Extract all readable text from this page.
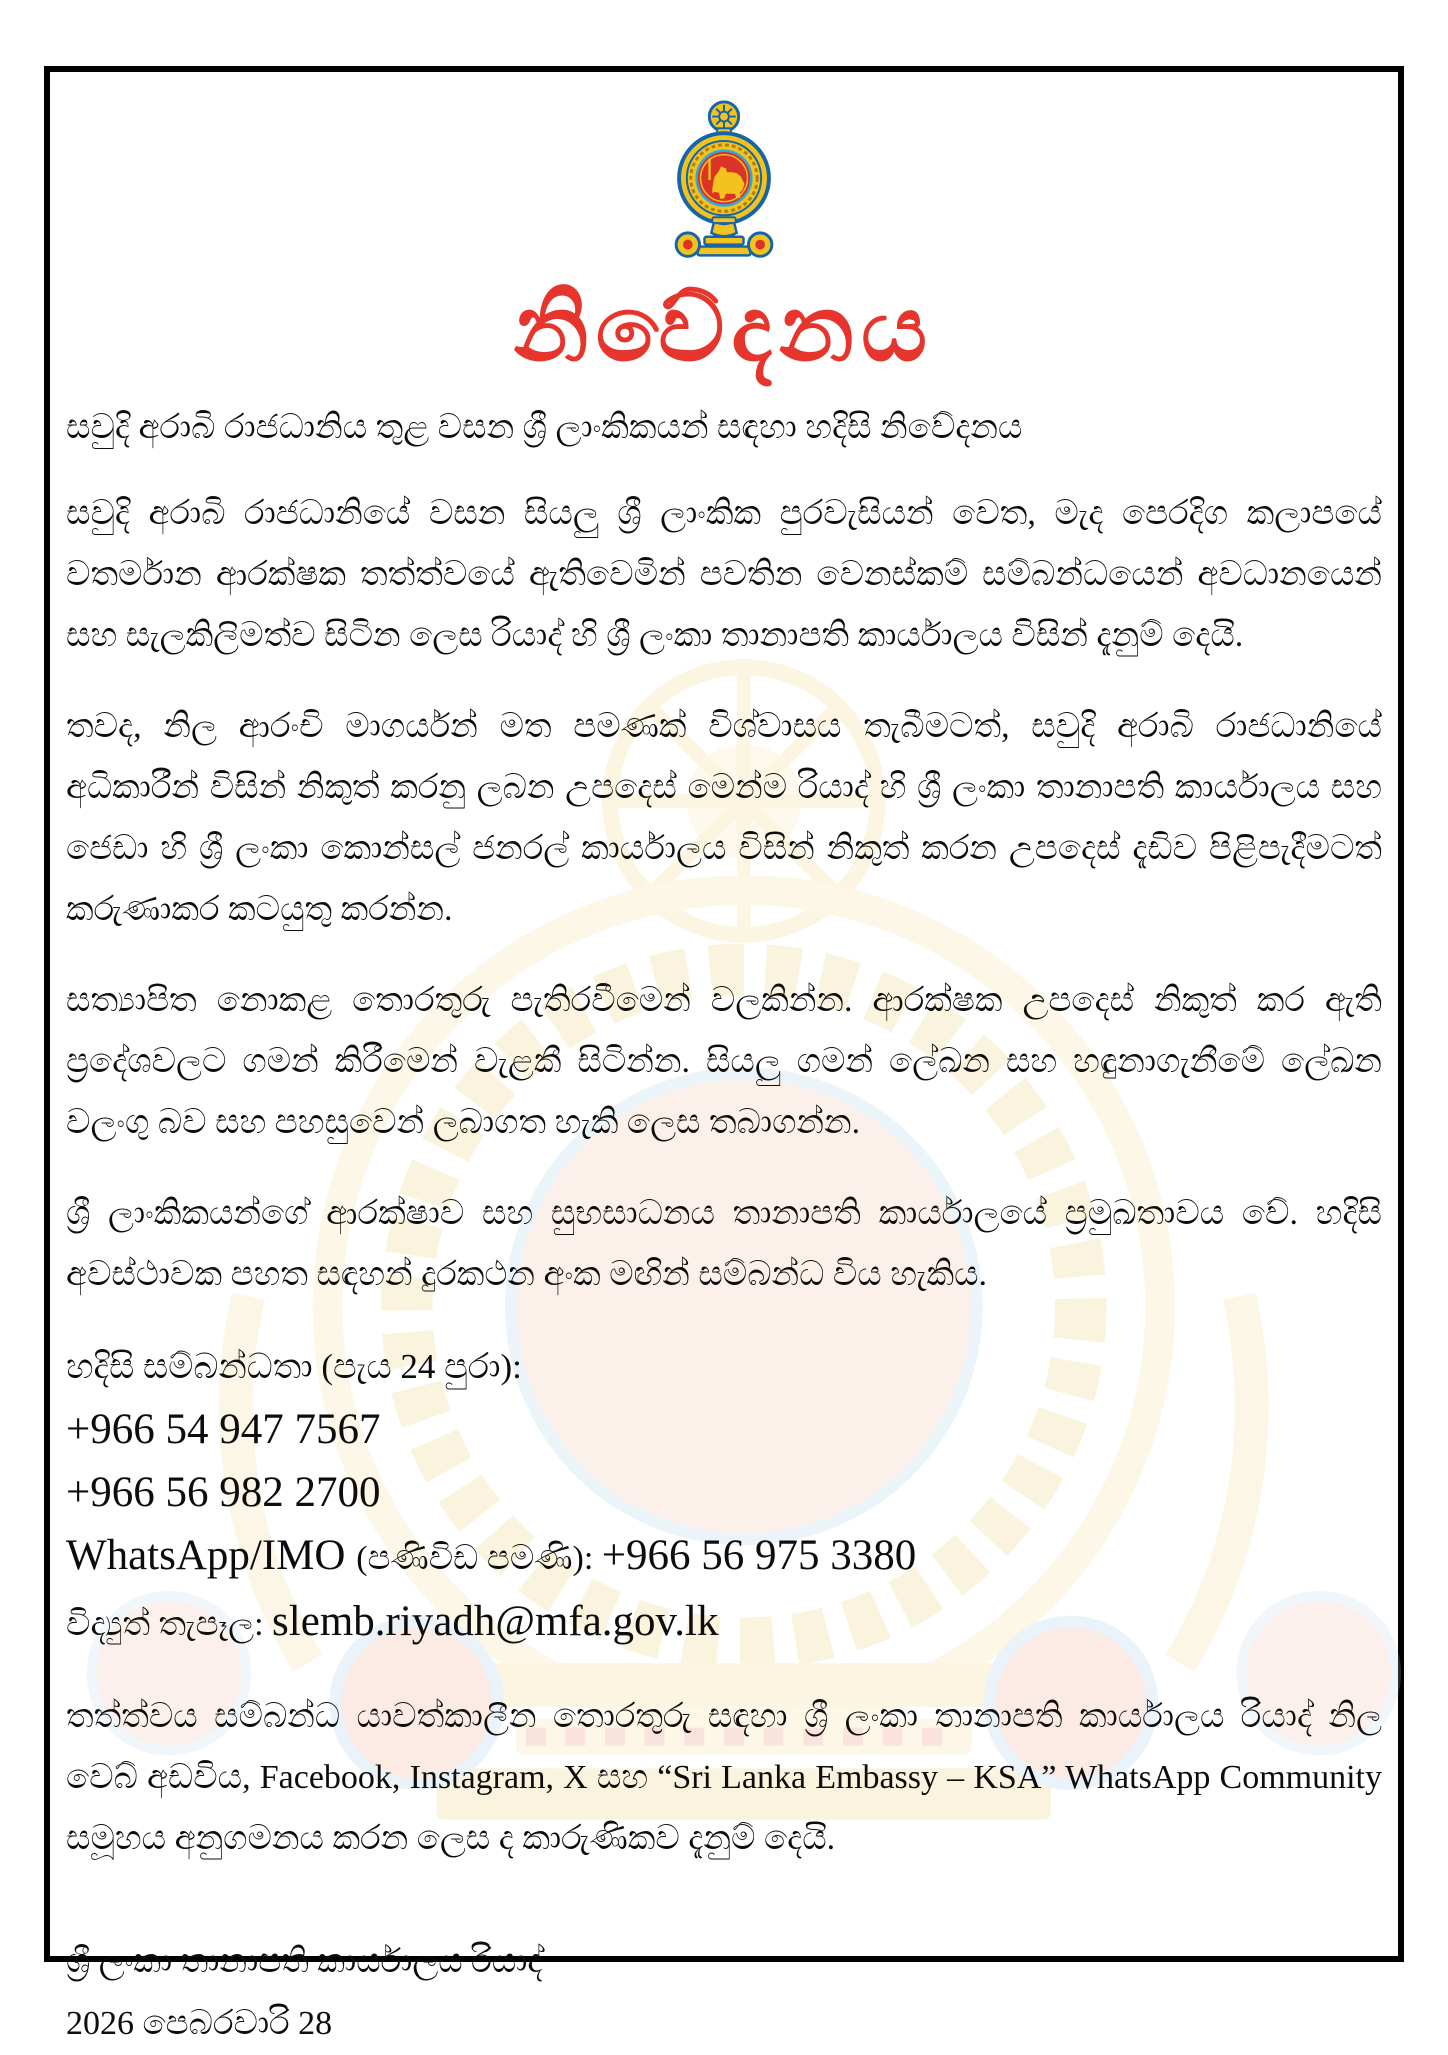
නිවේදනය

සවුදි අරාබි රාජධානිය තුළ වසන ශ්‍රී ලාංකිකයන් සඳහා හදිසි නිවේදනය

සවුදි අරාබි රාජධානියේ වසන සියලු ශ්‍රී ලාංකික පුරවැසියන් වෙත, මැද පෙරදිග කලාපයේ වතර්මාන ආරක්ෂක තත්ත්වයේ ඇතිවෙමින් පවතින වෙනස්කම් සම්බන්ධයෙන් අවධානයෙන් සහ සැලකිලිමත්ව සිටින ලෙස රියාද් හි ශ්‍රී ලංකා තානාපති කාර්යාලය විසින් දැනුම් දෙයි.

තවද, නිල ආරංචි මාගර්යන් මත පමණක් විශ්වාසය තැබීමටත්, සවුදි අරාබි රාජධානියේ අධිකාරීන් විසින් නිකුත් කරනු ලබන උපදෙස් මෙන්ම රියාද් හි ශ්‍රී ලංකා තානාපති කාර්යාලය සහ ජෙඩා හි ශ්‍රී ලංකා කොන්සල් ජනරල් කාර්යාලය විසින් නිකුත් කරන උපදෙස් දැඩිව පිළිපැදීමටත් කරුණාකර කටයුතු කරන්න.

සත්‍යාපිත නොකළ තොරතුරු පැතිරවීමෙන් වලකින්න. ආරක්ෂක උපදෙස් නිකුත් කර ඇති ප්‍රදේශවලට ගමන් කිරීමෙන් වැළකී සිටින්න. සියලු ගමන් ලේඛන සහ හඳුනාගැනීමේ ලේඛන වලංගු බව සහ පහසුවෙන් ලබාගත හැකි ලෙස තබාගන්න.

ශ්‍රී ලාංකිකයන්ගේ ආරක්ෂාව සහ සුභසාධනය තානාපති කාර්යාලයේ ප්‍රමුඛතාවය වේ. හදිසි අවස්ථාවක පහත සඳහන් දුරකථන අංක මඟින් සම්බන්ධ විය හැකිය.

හදිසි සම්බන්ධතා (පැය 24 පුරා):

+966 54 947 7567

+966 56 982 2700

WhatsApp/IMO (පණිවිඩ පමණි): +966 56 975 3380

විද්‍යුත් තැපෑල: slemb.riyadh@mfa.gov.lk

තත්ත්වය සම්බන්ධ යාවත්කාලීන තොරතුරු සඳහා ශ්‍රී ලංකා තානාපති කාර්යාලය රියාද් නිල වෙබ් අඩවිය, Facebook, Instagram, X සහ “Sri Lanka Embassy – KSA” WhatsApp Community සමූහය අනුගමනය කරන ලෙස ද කාරුණිකව දැනුම් දෙයි.

ශ්‍රී ලංකා තානාපති කාර්යාලය රියාද්

2026 පෙබරවාරි 28
